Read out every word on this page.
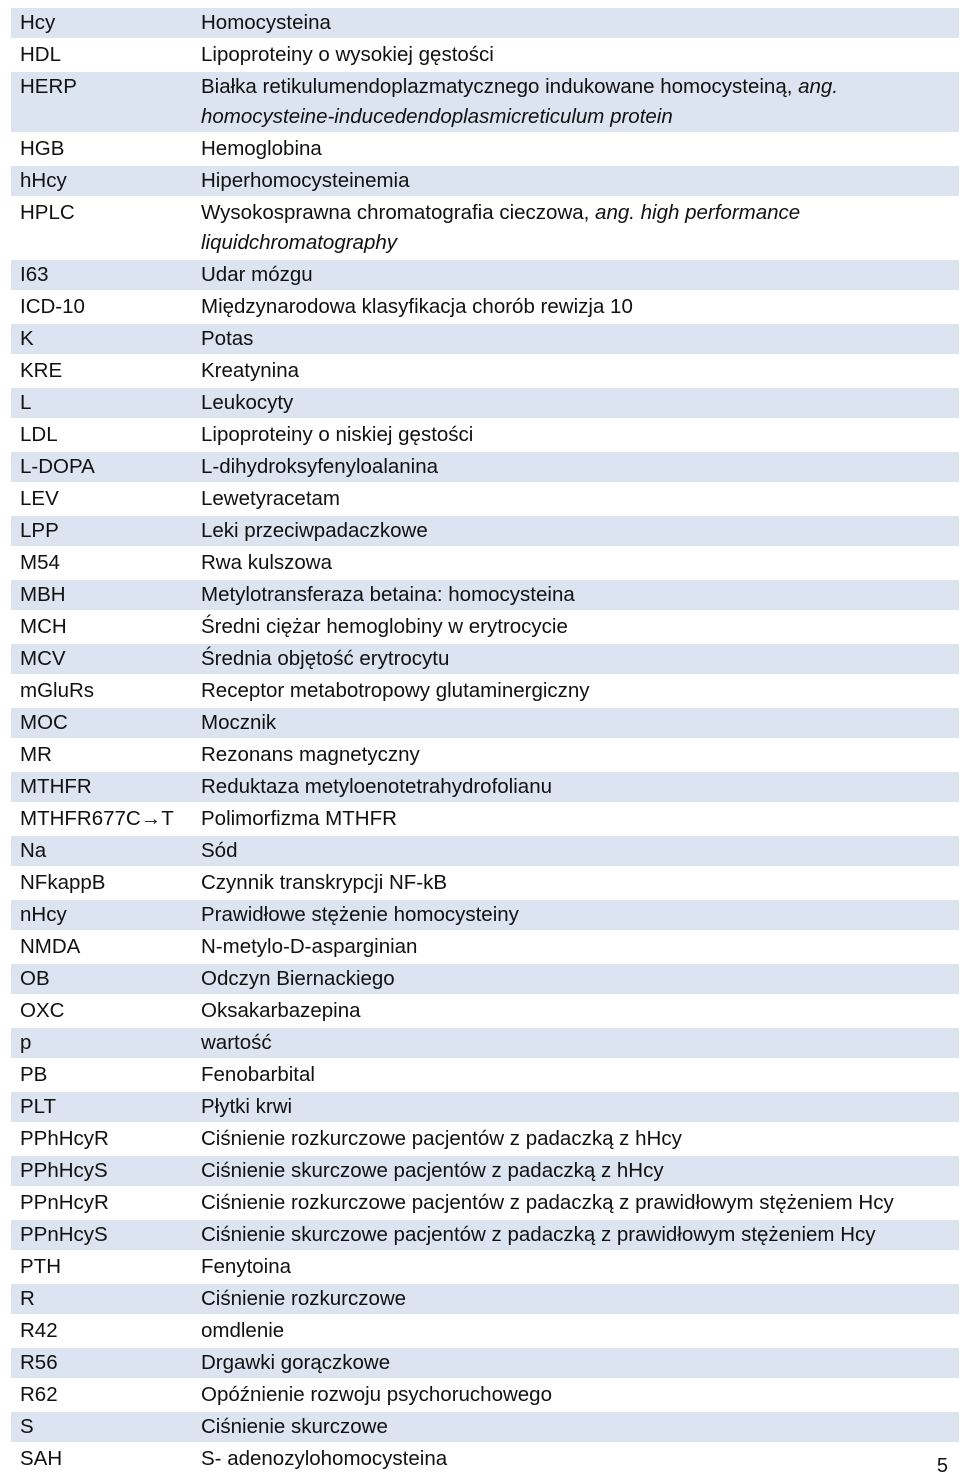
Hcy	Homocysteina
HDL	Lipoproteiny o wysokiej gęstości
HERP	Białka retikulumendoplazmatycznego indukowane homocysteiną, ang. homocysteine-inducedendoplasmicreticulum protein
HGB	Hemoglobina
hHcy	Hiperhomocysteinemia
HPLC	Wysokosprawna chromatografia cieczowa, ang. high performance liquidchromatography
I63	Udar mózgu
ICD-10	Międzynarodowa klasyfikacja chorób rewizja 10
K	Potas
KRE	Kreatynina
L	Leukocyty
LDL	Lipoproteiny o niskiej gęstości
L-DOPA	L-dihydroksyfenyloalanina
LEV	Lewetyracetam
LPP	Leki przeciwpadaczkowe
M54	Rwa kulszowa
MBH	Metylotransferaza betaina: homocysteina
MCH	Średni ciężar hemoglobiny w erytrocycie
MCV	Średnia objętość erytrocytu
mGluRs	Receptor metabotropowy glutaminergiczny
MOC	Mocznik
MR	Rezonans magnetyczny
MTHFR	Reduktaza metyloenotetrahydrofolianu
MTHFR677C→T	Polimorfizma MTHFR
Na	Sód
NFkappB	Czynnik transkrypcji NF-kB
nHcy	Prawidłowe stężenie homocysteiny
NMDA	N-metylo-D-asparginian
OB	Odczyn Biernackiego
OXC	Oksakarbazepina
p	wartość
PB	Fenobarbital
PLT	Płytki krwi
PPhHcyR	Ciśnienie rozkurczowe pacjentów z padaczką z hHcy
PPhHcyS	Ciśnienie skurczowe pacjentów z padaczką z hHcy
PPnHcyR	Ciśnienie rozkurczowe pacjentów z padaczką z prawidłowym stężeniem Hcy
PPnHcyS	Ciśnienie skurczowe pacjentów z padaczką z prawidłowym stężeniem Hcy
PTH	Fenytoina
R	Ciśnienie rozkurczowe
R42	omdlenie
R56	Drgawki gorączkowe
R62	Opóźnienie rozwoju psychoruchowego
S	Ciśnienie skurczowe
SAH	S- adenozylohomocysteina	5
